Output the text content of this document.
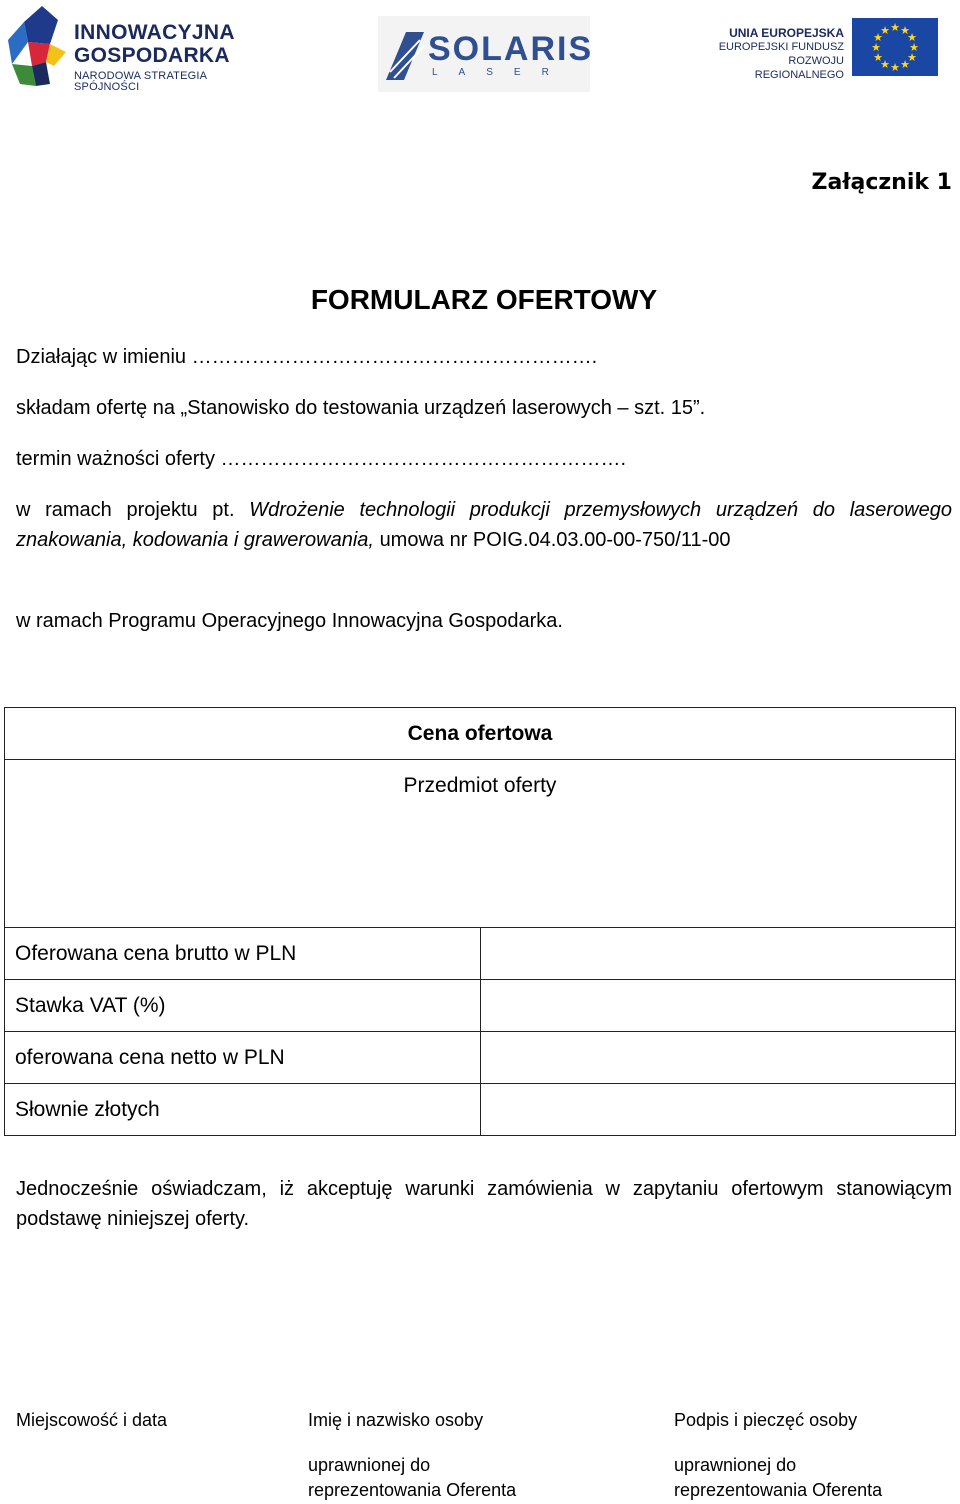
INNOWACYJNA
GOSPODARKA
NARODOWA STRATEGIA SPÓJNOŚCI
SOLARIS
LASER
UNIA EUROPEJSKA
EUROPEJSKI FUNDUSZ
ROZWOJU REGIONALNEGO
★ ★
★
★
★
★
★
★
★
★
★
★
Załącznik 1
FORMULARZ OFERTOWY
Działając w imieniu …………………………………………………….
składam ofertę na „Stanowisko do testowania urządzeń laserowych – szt. 15”.
termin ważności oferty …………………………………………………….
w ramach projektu pt. Wdrożenie technologii produkcji przemysłowych urządzeń do laserowego znakowania, kodowania i grawerowania, umowa nr POIG.04.03.00-00-750/11-00
w ramach Programu Operacyjnego Innowacyjna Gospodarka.
Cena ofertowa	
Przedmiot oferty	
Oferowana cena brutto w PLN	
Stawka VAT (%)	
oferowana cena netto w PLN	
Słownie złotych	
Jednocześnie oświadczam, iż akceptuję warunki zamówienia w zapytaniu ofertowym stanowiącym podstawę niniejszej oferty.
Miejscowość i data	Imię i nazwisko osoby	Podpis i pieczęć osoby
uprawnionej do
reprezentowania Oferenta
uprawnionej do
reprezentowania Oferenta
